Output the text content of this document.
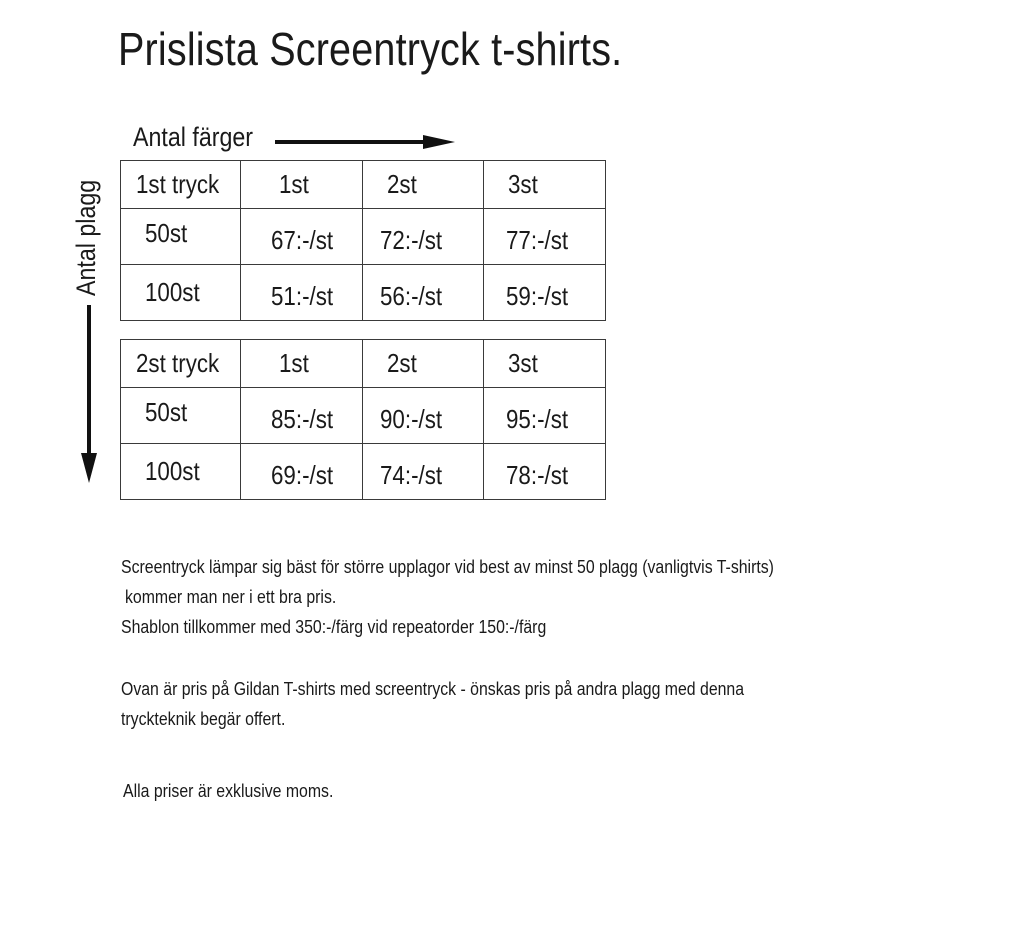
Prislista Screentryck t-shirts.
Antal färger
Antal plagg 1st tryck	1st	2st	3st
50st	67:-/st	72:-/st	77:-/st
100st	51:-/st	56:-/st	59:-/st
2st tryck	1st	2st	3st
50st	85:-/st	90:-/st	95:-/st
100st	69:-/st	74:-/st	78:-/st
Screentryck lämpar sig bäst för större upplagor vid best av minst 50 plagg (vanligtvis T-shirts)
kommer man ner i ett bra pris.
Shablon tillkommer med 350:-/färg vid repeatorder 150:-/färg
Ovan är pris på Gildan T-shirts med screentryck - önskas pris på andra plagg med denna
tryckteknik begär offert.
Alla priser är exklusive moms.
